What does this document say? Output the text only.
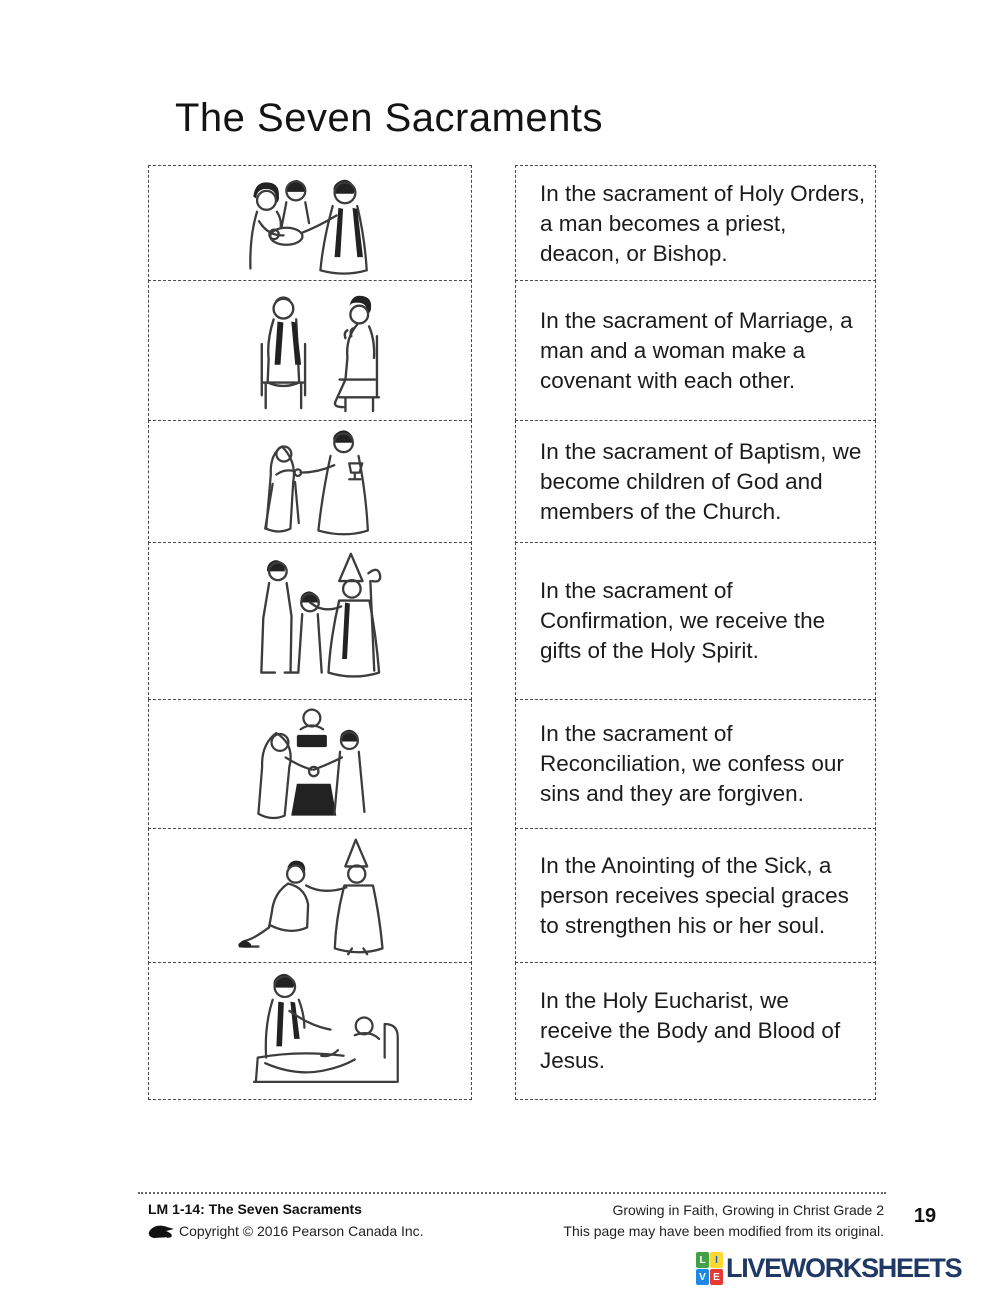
The Seven Sacraments
In the sacrament of Holy Orders, a man becomes a priest, deacon, or Bishop.
In the sacrament of Marriage, a man and a woman make a covenant with each other.
In the sacrament of Baptism, we become children of God and members of the Church.
In the sacrament of Confirmation, we receive the gifts of the Holy Spirit.
In the sacrament of Reconciliation, we confess our sins and they are forgiven.
In the Anointing of the Sick, a person receives special graces to strengthen his or her soul.
In the Holy Eucharist, we receive the Body and Blood of Jesus.
LM 1-14: The Seven Sacraments
Copyright © 2016 Pearson Canada Inc.
Growing in Faith, Growing in Christ Grade 2
This page may have been modified from its original.
19
L I
V E LIVEWORKSHEETS
